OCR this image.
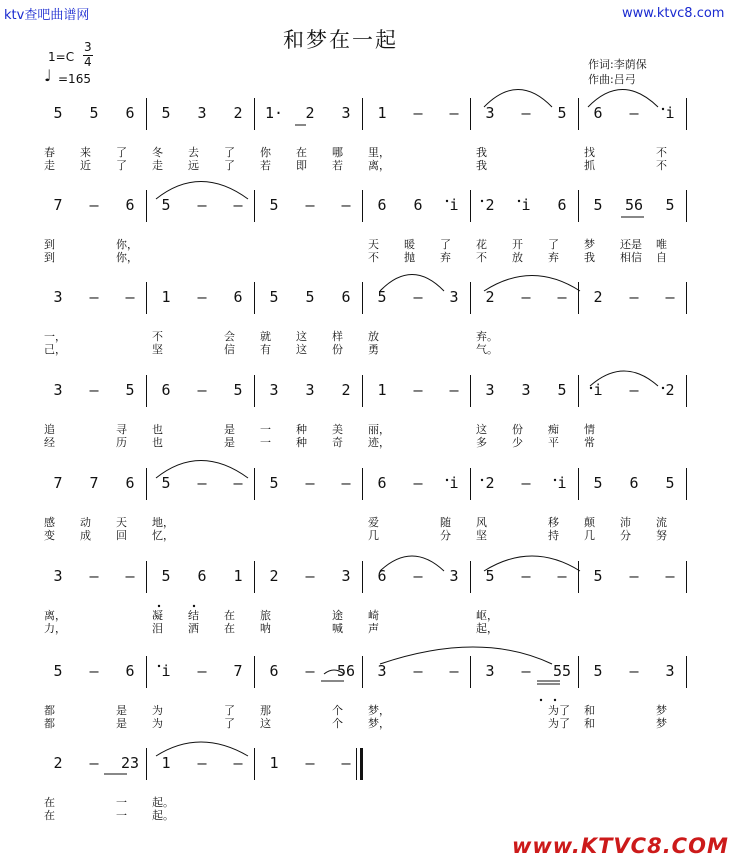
ktv查吧曲谱网	www.ktvc8.com
和梦在一起
1=C
3
4
♩ =165
作词:李荫保
作曲:吕弓
5	5	6	5	3	2	1·	2	3	1	–	–	3	–	5	6	–	i
春 来 了 冬 去 了 你 在 哪 里，	我	找	不
走 近 了 走 远 了 若 即 若 离，	我	抓	不
7	–	6	5	–	–	5	–	–	6	6	i	2	i	6	5	56	5
到	你，	天 暖 了 花 开 了 梦 还是 唯
到	你，	不 抛 弃 不 放 弃 我 相信 自
3	–	–	1	–	6	5	5	6	5	–	3	2	–	–	2	–	–
一，	不	会 就 这 样 放	弃。
己，	坚	信 有 这 份 勇	气。
3	–	5	6	–	5	3	3	2	1	–	–	3	3	5	i	–	2
追	寻 也	是 一 种 美 丽，	这 份 痴 情
经	历 也	是 一 种 奇 迹，	多 少 平 常
7	7	6	5	–	–	5	–	–	6	–	i	2	–	i	5	6	5
感 动 天 地，	爱	随 风	移 颠 沛 流
变 成 回 忆，	几	分 坚	持 几 分 努
3	–	–	5	6	1	2	–	3	6	–	3	5	–	–	5	–	–
离，	凝 结 在 旅	途 崎	岖，
力，	泪 洒 在 呐	喊 声	起，
5	–	6	i	–	7	6	–	56	3	–	–	3	–	55	5	–	3
都	是 为	了 那	个 梦，	为了 和	梦
都	是 为	了 这	个 梦，	为了 和	梦
2	–	23	1	–	–	1	–	–
在	一 起。
在	一 起。
www.KTVC8.COM
